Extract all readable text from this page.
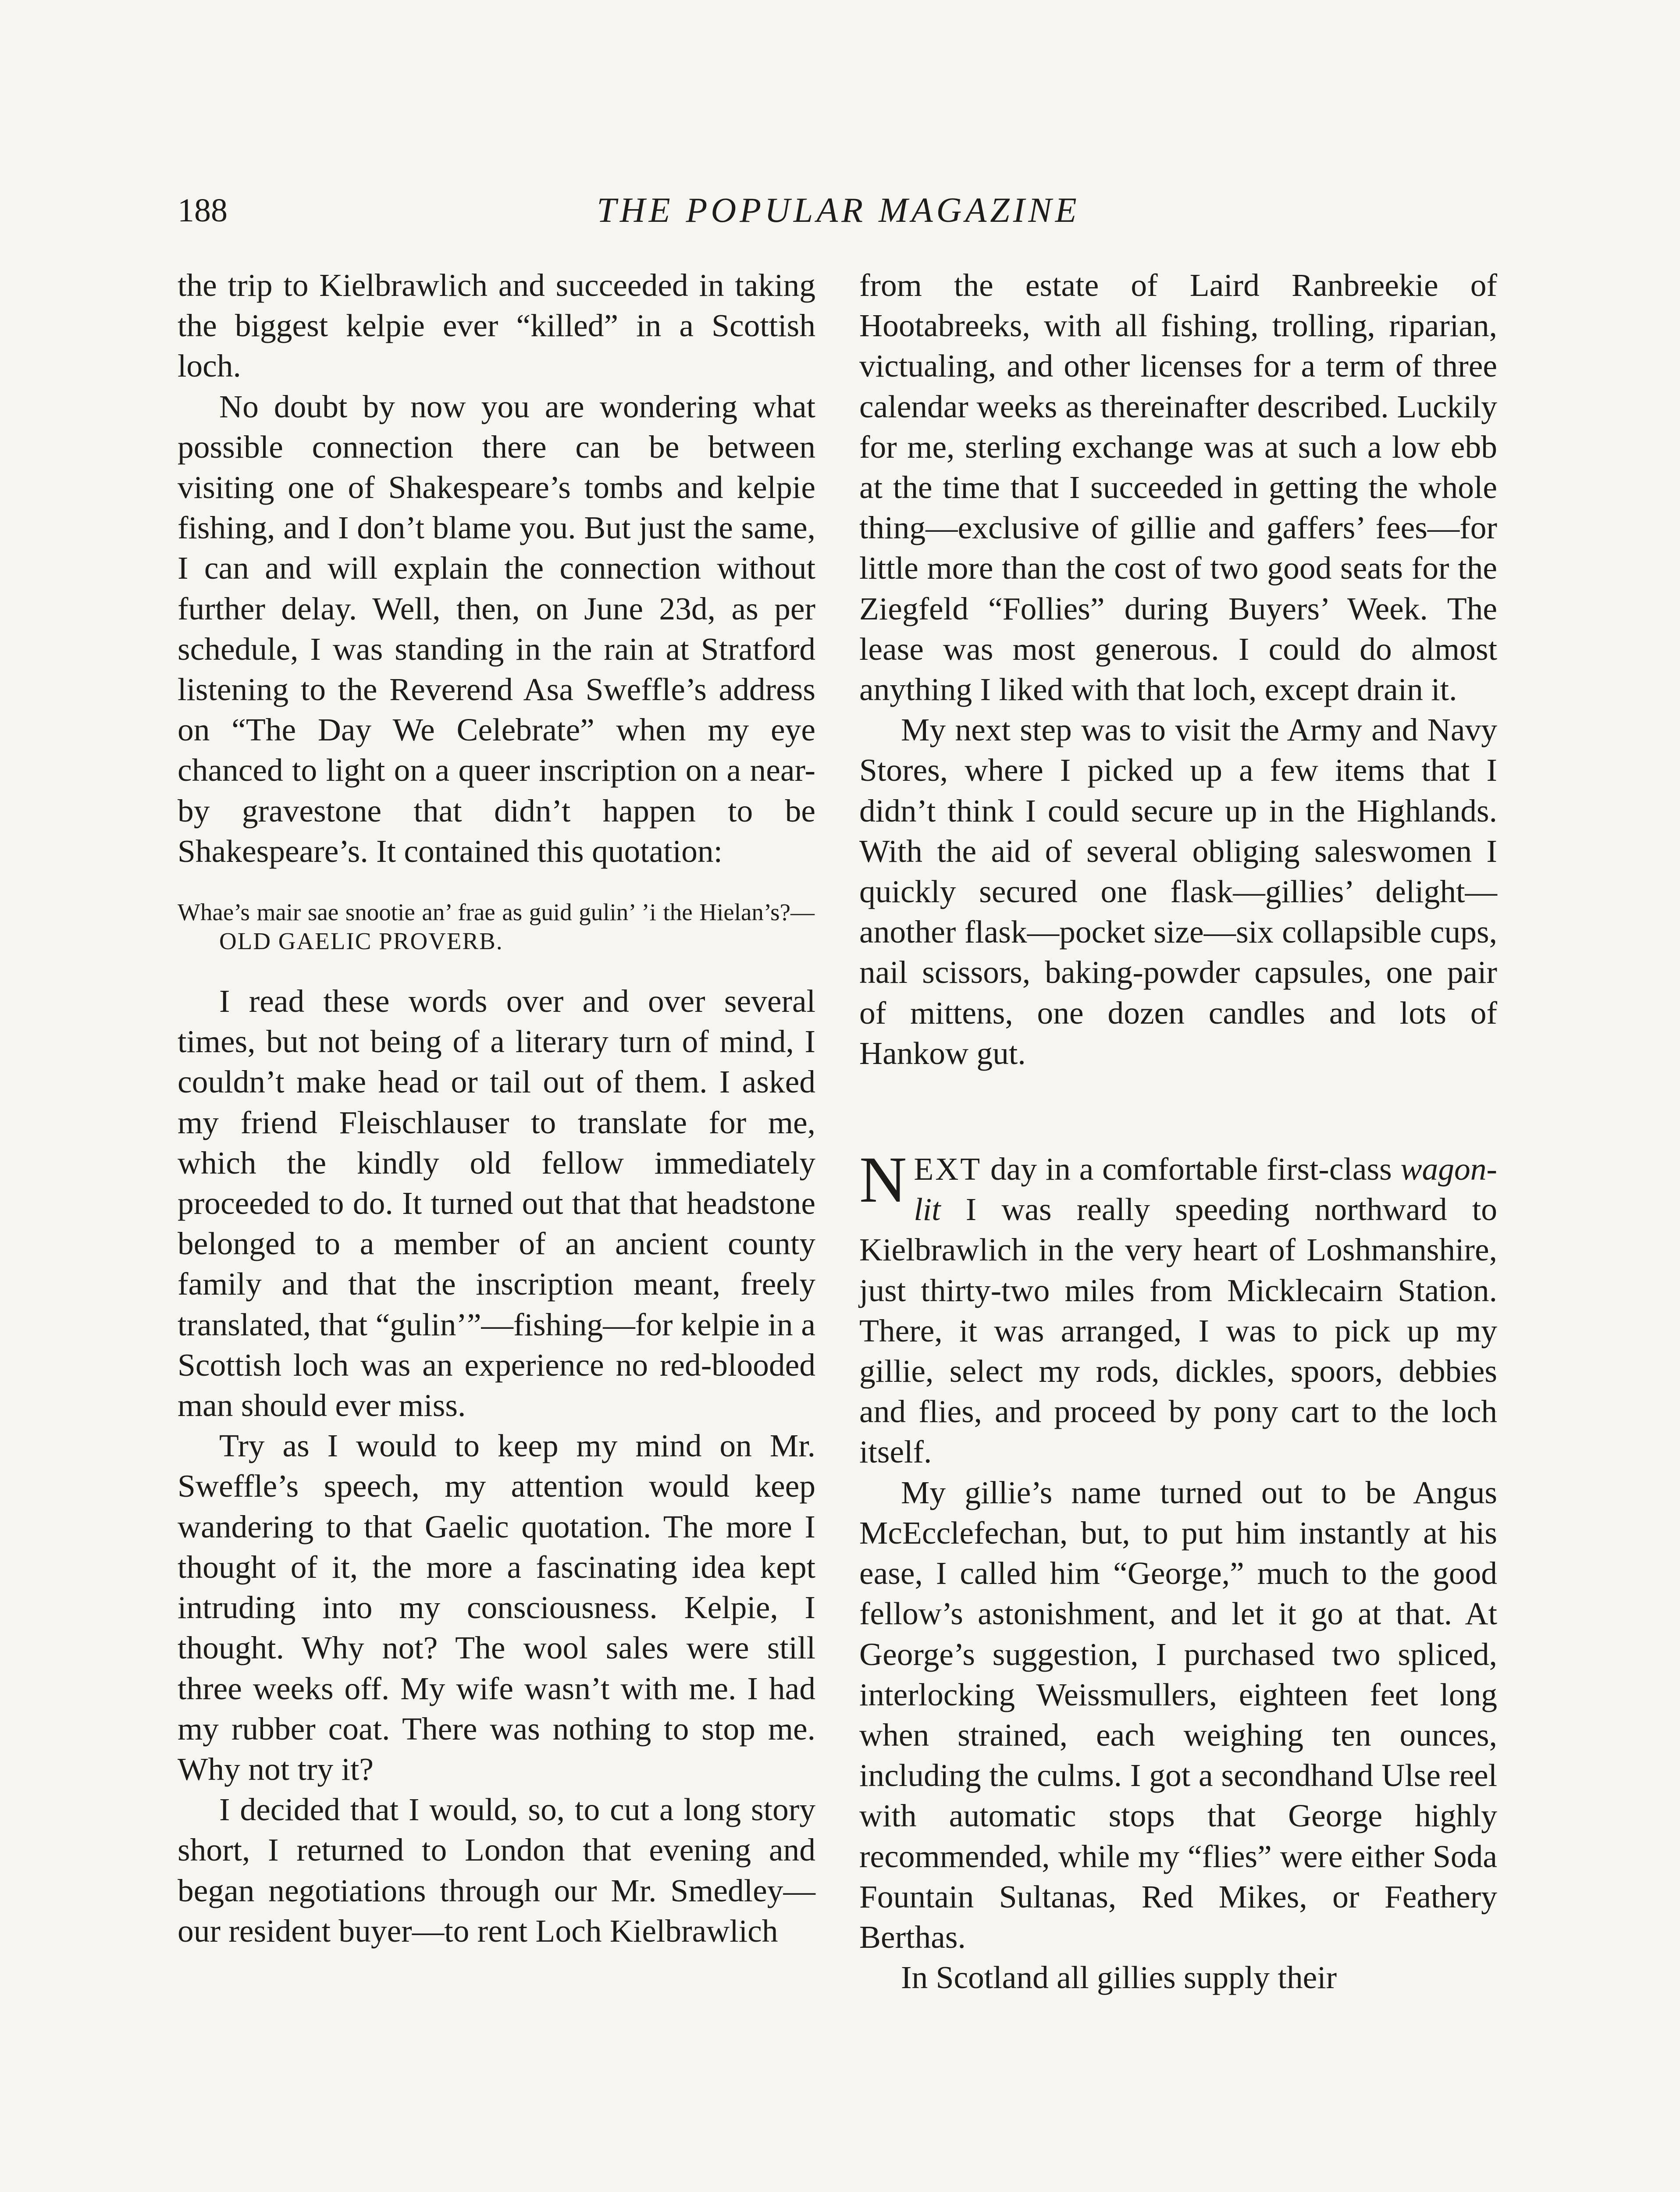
188	THE POPULAR MAGAZINE

the trip to Kielbrawlich and succeeded in taking the biggest kelpie ever “killed” in a Scottish loch.

No doubt by now you are wondering what possible connection there can be between visiting one of Shakespeare’s tombs and kelpie fishing, and I don’t blame you. But just the same, I can and will explain the connection without further delay. Well, then, on June 23d, as per schedule, I was standing in the rain at Stratford listening to the Reverend Asa Sweffle’s address on “The Day We Celebrate” when my eye chanced to light on a queer inscription on a near-by gravestone that didn’t happen to be Shakespeare’s. It contained this quotation:

Whae’s mair sae snootie an’ frae as guid gulin’ ’i the Hielan’s?—OLD GAELIC PROVERB.

I read these words over and over several times, but not being of a literary turn of mind, I couldn’t make head or tail out of them. I asked my friend Fleischlauser to translate for me, which the kindly old fellow immediately proceeded to do. It turned out that that headstone belonged to a member of an ancient county family and that the inscription meant, freely translated, that “gulin’”—fishing—for kelpie in a Scottish loch was an experience no red-blooded man should ever miss.

Try as I would to keep my mind on Mr. Sweffle’s speech, my attention would keep wandering to that Gaelic quotation. The more I thought of it, the more a fascinating idea kept intruding into my consciousness. Kelpie, I thought. Why not? The wool sales were still three weeks off. My wife wasn’t with me. I had my rubber coat. There was nothing to stop me. Why not try it?

I decided that I would, so, to cut a long story short, I returned to London that evening and began negotiations through our Mr. Smedley—our resident buyer—to rent Loch Kielbrawlich

from the estate of Laird Ranbreekie of Hootabreeks, with all fishing, trolling, riparian, victualing, and other licenses for a term of three calendar weeks as thereinafter described. Luckily for me, sterling exchange was at such a low ebb at the time that I succeeded in getting the whole thing—exclusive of gillie and gaffers’ fees—for little more than the cost of two good seats for the Ziegfeld “Follies” during Buyers’ Week. The lease was most generous. I could do almost anything I liked with that loch, except drain it.

My next step was to visit the Army and Navy Stores, where I picked up a few items that I didn’t think I could secure up in the Highlands. With the aid of several obliging saleswomen I quickly secured one flask—gillies’ delight—another flask—pocket size—six collapsible cups, nail scissors, baking-powder capsules, one pair of mittens, one dozen candles and lots of Hankow gut.

NEXT day in a comfortable first-class wagon-lit I was really speeding northward to Kielbrawlich in the very heart of Loshmanshire, just thirty-two miles from Micklecairn Station. There, it was arranged, I was to pick up my gillie, select my rods, dickles, spoors, debbies and flies, and proceed by pony cart to the loch itself.

My gillie’s name turned out to be Angus McEcclefechan, but, to put him instantly at his ease, I called him “George,” much to the good fellow’s astonishment, and let it go at that. At George’s suggestion, I purchased two spliced, interlocking Weissmullers, eighteen feet long when strained, each weighing ten ounces, including the culms. I got a secondhand Ulse reel with automatic stops that George highly recommended, while my “flies” were either Soda Fountain Sultanas, Red Mikes, or Feathery Berthas.

In Scotland all gillies supply their
